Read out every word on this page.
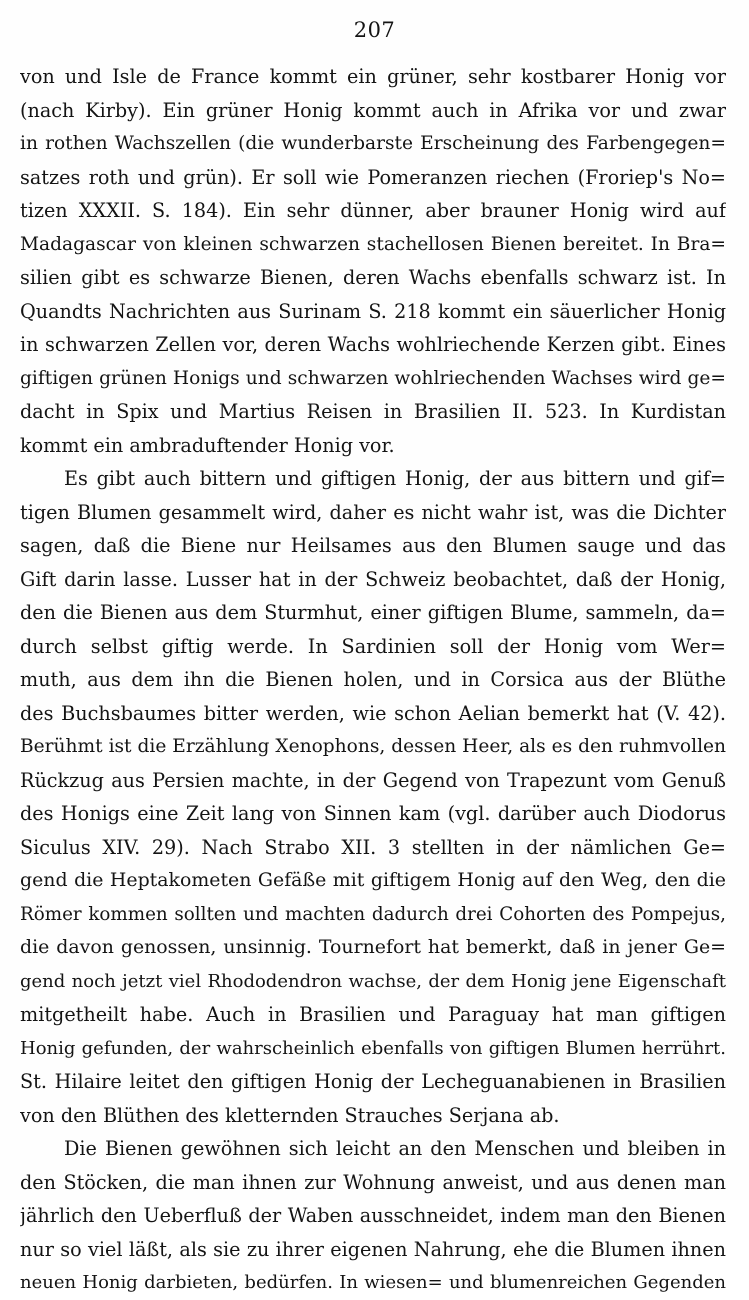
207
von und Isle de France kommt ein grüner, sehr kostbarer Honig vor
(nach Kirby). Ein grüner Honig kommt auch in Afrika vor und zwar
in rothen Wachszellen (die wunderbarste Erscheinung des Farbengegen=
satzes roth und grün). Er soll wie Pomeranzen riechen (Froriep's No=
tizen XXXII. S. 184). Ein sehr dünner, aber brauner Honig wird auf
Madagascar von kleinen schwarzen stachellosen Bienen bereitet. In Bra=
silien gibt es schwarze Bienen, deren Wachs ebenfalls schwarz ist. In
Quandts Nachrichten aus Surinam S. 218 kommt ein säuerlicher Honig
in schwarzen Zellen vor, deren Wachs wohlriechende Kerzen gibt. Eines
giftigen grünen Honigs und schwarzen wohlriechenden Wachses wird ge=
dacht in Spix und Martius Reisen in Brasilien II. 523. In Kurdistan
kommt ein ambraduftender Honig vor.
Es gibt auch bittern und giftigen Honig, der aus bittern und gif=
tigen Blumen gesammelt wird, daher es nicht wahr ist, was die Dichter
sagen, daß die Biene nur Heilsames aus den Blumen sauge und das
Gift darin lasse. Lusser hat in der Schweiz beobachtet, daß der Honig,
den die Bienen aus dem Sturmhut, einer giftigen Blume, sammeln, da=
durch selbst giftig werde. In Sardinien soll der Honig vom Wer=
muth, aus dem ihn die Bienen holen, und in Corsica aus der Blüthe
des Buchsbaumes bitter werden, wie schon Aelian bemerkt hat (V. 42).
Berühmt ist die Erzählung Xenophons, dessen Heer, als es den ruhmvollen
Rückzug aus Persien machte, in der Gegend von Trapezunt vom Genuß
des Honigs eine Zeit lang von Sinnen kam (vgl. darüber auch Diodorus
Siculus XIV. 29). Nach Strabo XII. 3 stellten in der nämlichen Ge=
gend die Heptakometen Gefäße mit giftigem Honig auf den Weg, den die
Römer kommen sollten und machten dadurch drei Cohorten des Pompejus,
die davon genossen, unsinnig. Tournefort hat bemerkt, daß in jener Ge=
gend noch jetzt viel Rhododendron wachse, der dem Honig jene Eigenschaft
mitgetheilt habe. Auch in Brasilien und Paraguay hat man giftigen
Honig gefunden, der wahrscheinlich ebenfalls von giftigen Blumen herrührt.
St. Hilaire leitet den giftigen Honig der Lecheguanabienen in Brasilien
von den Blüthen des kletternden Strauches Serjana ab.
Die Bienen gewöhnen sich leicht an den Menschen und bleiben in
den Stöcken, die man ihnen zur Wohnung anweist, und aus denen man
jährlich den Ueberfluß der Waben ausschneidet, indem man den Bienen
nur so viel läßt, als sie zu ihrer eigenen Nahrung, ehe die Blumen ihnen
neuen Honig darbieten, bedürfen. In wiesen= und blumenreichen Gegenden
